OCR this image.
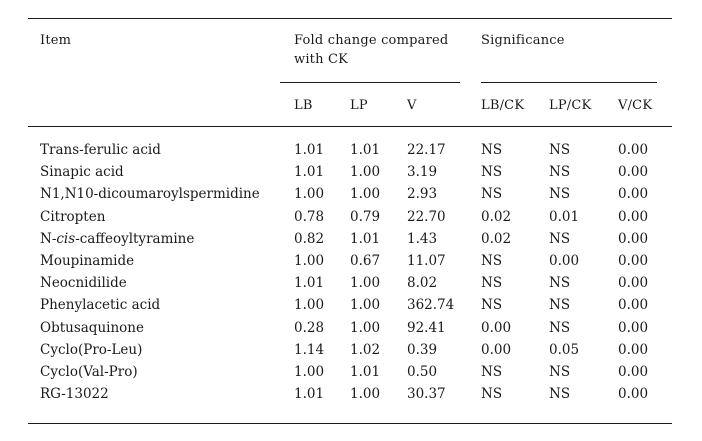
Item	Fold change compared
with CK
Significance
LB	LP	V	LB/CK LP/CK V/CK
Trans-ferulic acid	1.01 1.01 22.17	NS	NS	0.00
Sinapic acid	1.01 1.00 3.19	NS	NS	0.00
N1,N10-dicoumaroylspermidine	1.00 1.00 2.93	NS	NS	0.00
Citropten	0.78 0.79 22.70	0.02	0.01	0.00
N-cis-caffeoyltyramine	0.82 1.01 1.43	0.02	NS	0.00
Moupinamide	1.00 0.67 11.07	NS	0.00	0.00
Neocnidilide	1.01 1.00 8.02	NS	NS	0.00
Phenylacetic acid	1.00 1.00 362.74 NS	NS	0.00
Obtusaquinone	0.28 1.00 92.41	0.00	NS	0.00
Cyclo(Pro-Leu)	1.14 1.02 0.39	0.00	0.05	0.00
Cyclo(Val-Pro)	1.00 1.01 0.50	NS	NS	0.00
RG-13022	1.01 1.00 30.37	NS	NS	0.00
